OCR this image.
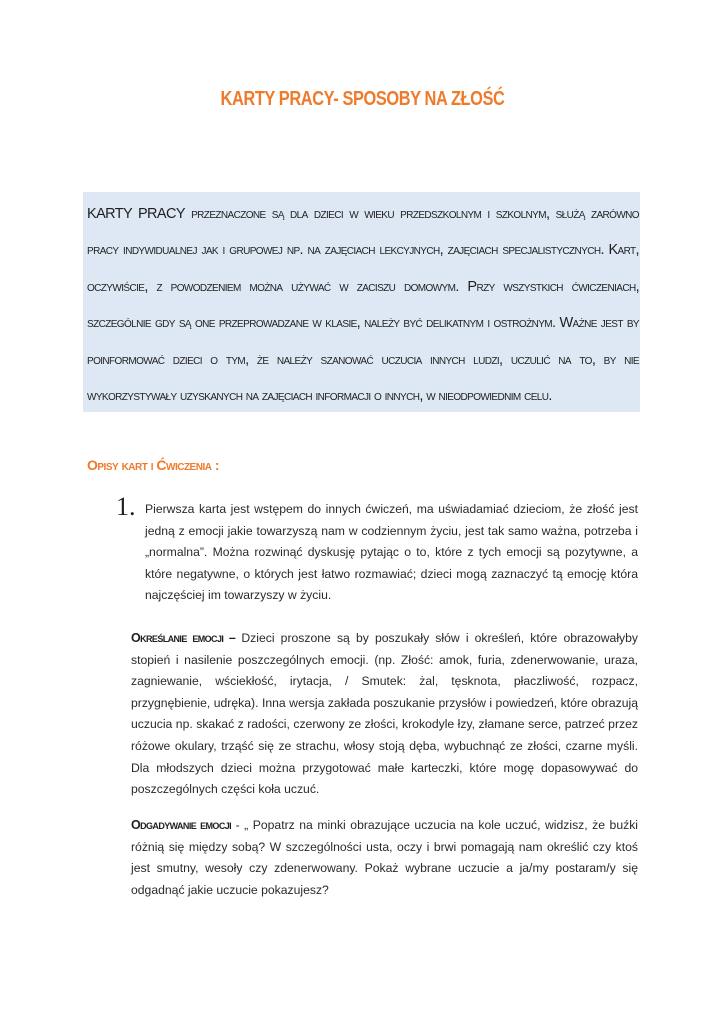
KARTY PRACY- SPOSOBY NA ZŁOŚĆ
KARTY PRACY przeznaczone są dla dzieci w wieku przedszkolnym i szkolnym, służą zarówno pracy indywidualnej jak i grupowej np. na zajęciach lekcyjnych, zajęciach specjalistycznych. Kart, oczywiście, z powodzeniem można używać w zaciszu domowym. Przy wszystkich ćwiczeniach, szczególnie gdy są one przeprowadzane w klasie, należy być delikatnym i ostrożnym. Ważne jest by poinformować dzieci o tym, że należy szanować uczucia innych ludzi, uczulić na to, by nie wykorzystywały uzyskanych na zajęciach informacji o innych, w nieodpowiednim celu.
Opisy kart i Ćwiczenia :
1. Pierwsza karta jest wstępem do innych ćwiczeń, ma uświadamiać dzieciom, że złość jest jedną z emocji jakie towarzyszą nam w codziennym życiu, jest tak samo ważna, potrzeba i „normalna”. Można rozwinąć dyskusję pytając o to, które z tych emocji są pozytywne, a które negatywne, o których jest łatwo rozmawiać; dzieci mogą zaznaczyć tą emocję która najczęściej im towarzyszy w życiu.
Określanie emocji – Dzieci proszone są by poszukały słów i określeń, które obrazowałyby stopień i nasilenie poszczególnych emocji. (np. Złość: amok, furia, zdenerwowanie, uraza, zagniewanie, wściekłość, irytacja, / Smutek: żal, tęsknota, płaczliwość, rozpacz, przygnębienie, udręka). Inna wersja zakłada poszukanie przysłów i powiedzeń, które obrazują uczucia np. skakać z radości, czerwony ze złości, krokodyle łzy, złamane serce, patrzeć przez różowe okulary, trząść się ze strachu, włosy stoją dęba, wybuchnąć ze złości, czarne myśli. Dla młodszych dzieci można przygotować małe karteczki, które mogę dopasowywać do poszczególnych części koła uczuć.
Odgadywanie emocji - „ Popatrz na minki obrazujące uczucia na kole uczuć, widzisz, że buźki różnią się między sobą? W szczególności usta, oczy i brwi pomagają nam określić czy ktoś jest smutny, wesoły czy zdenerwowany. Pokaż wybrane uczucie a ja/my postaram/y się odgadnąć jakie uczucie pokazujesz?
